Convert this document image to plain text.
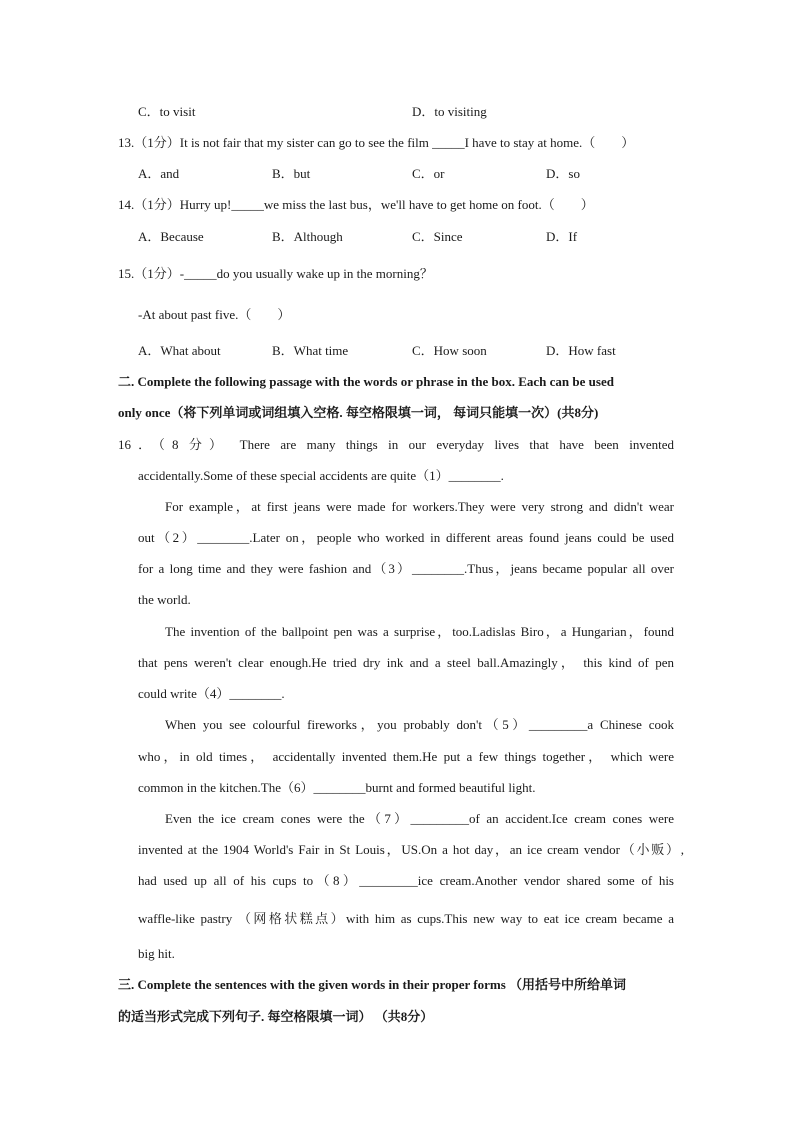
C．to visit	D．to visiting
13.（1分）It is not fair that my sister can go to see the film _____I have to stay at home.（　　）
A．and	B．but	C．or	D．so
14.（1分）Hurry up!_____we miss the last bus，we'll have to get home on foot.（　　）
A．Because	B．Although	C．Since	D．If
15.（1分）-_____do you usually wake up in the morning？
-At about past five.（　　）
A．What about	B．What time	C．How soon	D．How fast
二. Complete the following passage with the words or phrase in the box. Each can be used
only once（将下列单词或词组填入空格. 每空格限填一词， 每词只能填一次）(共8分)
16．（8 分） There are many things in our everyday lives that have been invented
accidentally.Some of these special accidents are quite（1）________.
For example，at first jeans were made for workers.They were very strong and didn't wear
out（2）________.Later on，people who worked in different areas found jeans could be used
for a long time and they were fashion and（3）________.Thus，jeans became popular all over
the world.
The invention of the ballpoint pen was a surprise，too.Ladislas Biro，a Hungarian，found
that pens weren't clear enough.He tried dry ink and a steel ball.Amazingly， this kind of pen
could write（4）________.
When you see colourful fireworks，you probably don't（5）_________a Chinese cook
who，in old times， accidentally invented them.He put a few things together， which were
common in the kitchen.The（6）________burnt and formed beautiful light.
Even the ice cream cones were the（7）_________of an accident.Ice cream cones were
invented at the 1904 World's Fair in St Louis，US.On a hot day，an ice cream vendor（小贩）,
had used up all of his cups to（8）_________ice cream.Another vendor shared some of his
waffle-like pastry （网格状糕点）with him as cups.This new way to eat ice cream became a
big hit.
三. Complete the sentences with the given words in their proper forms （用括号中所给单词
的适当形式完成下列句子. 每空格限填一词） （共8分）
